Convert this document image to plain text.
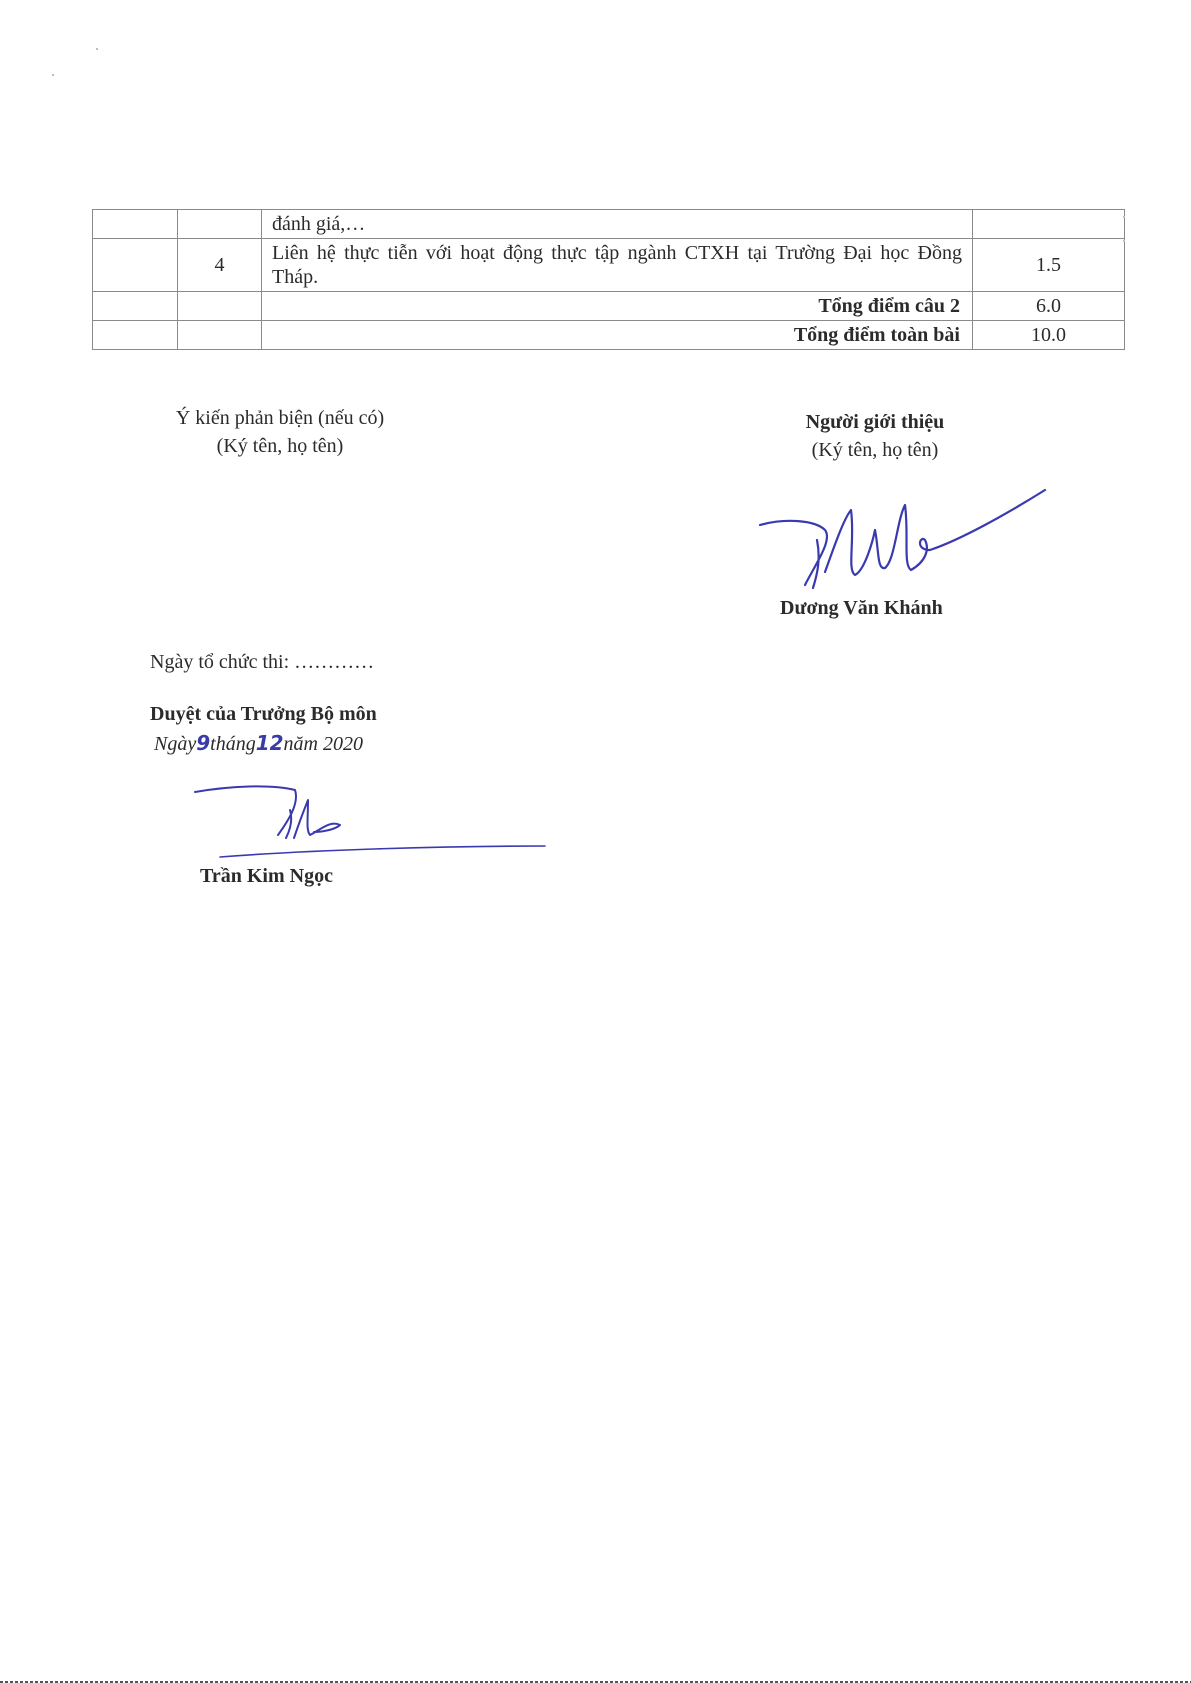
		đánh giá,…	
	4	Liên hệ thực tiễn với hoạt động thực tập ngành CTXH tại Trường Đại học Đồng Tháp.	1.5
		Tổng điểm câu 2	6.0
		Tổng điểm toàn bài	10.0
Ý kiến phản biện (nếu có)
(Ký tên, họ tên)
Người giới thiệu
(Ký tên, họ tên)
Dương Văn Khánh
Ngày tổ chức thi: …………
Duyệt của Trưởng Bộ môn
Ngày9tháng12năm 2020
Trần Kim Ngọc
